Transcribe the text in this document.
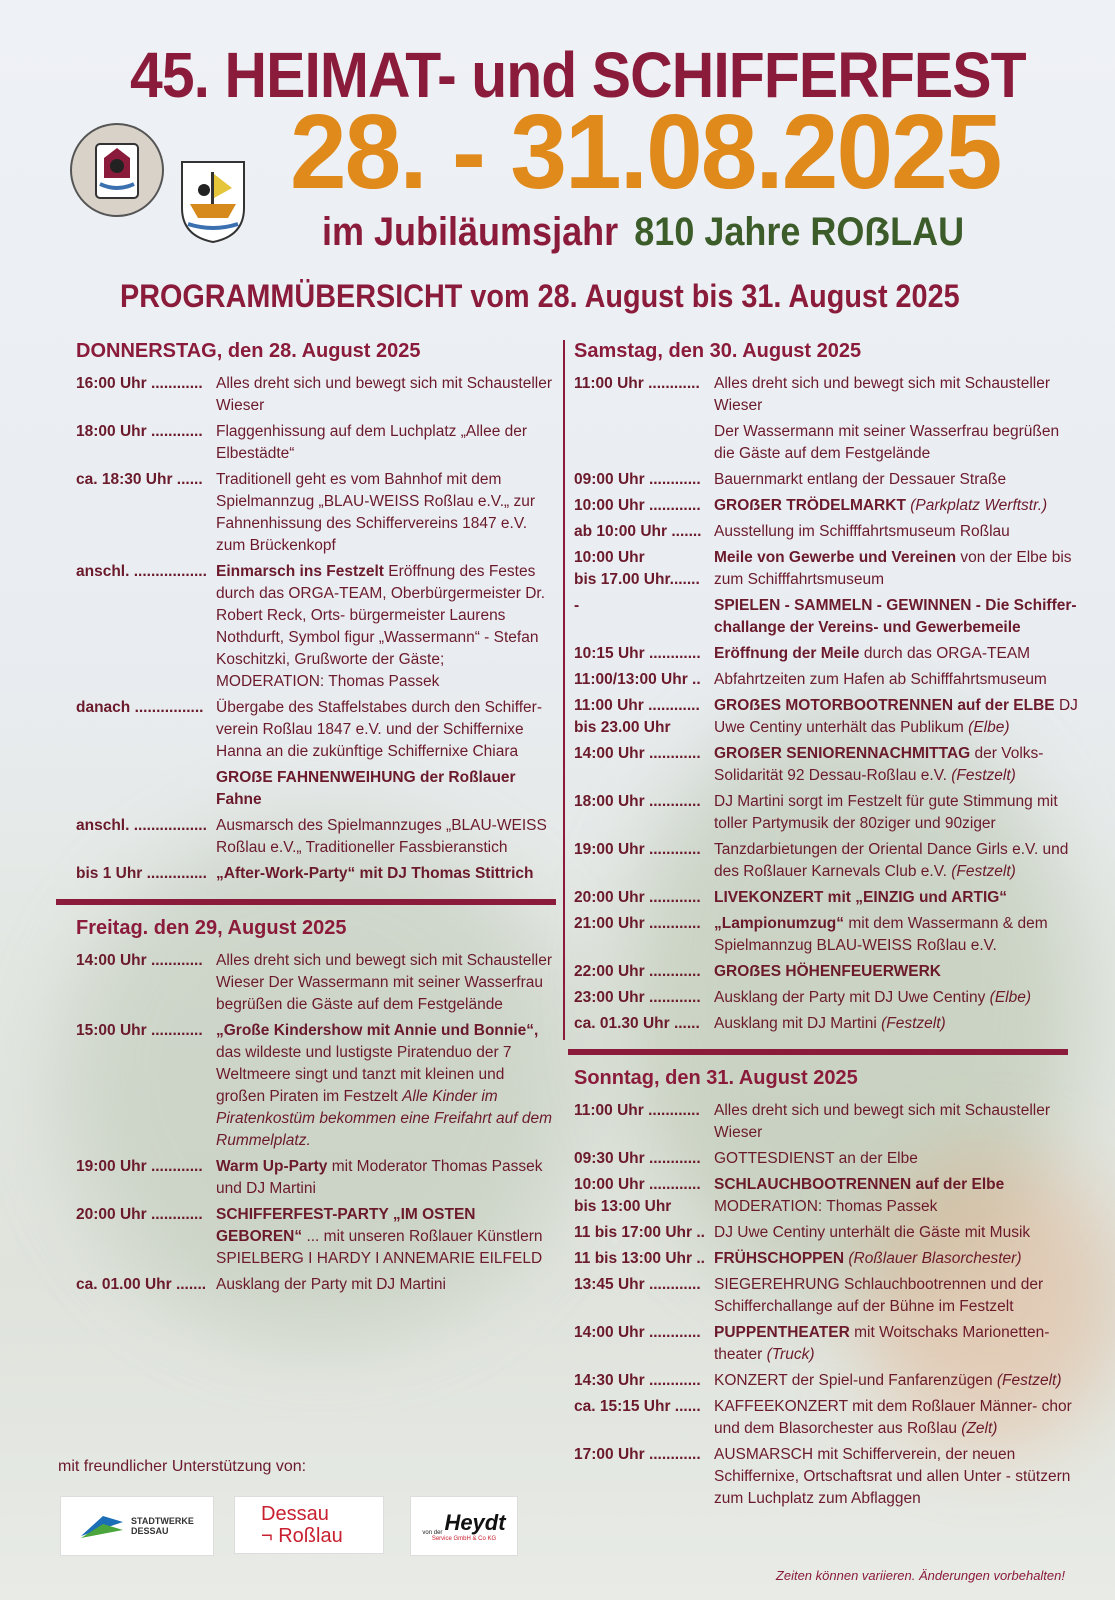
45. HEIMAT- und SCHIFFERFEST
28. - 31.08.2025
im Jubiläumsjahr 810 Jahre ROẞLAU
PROGRAMMÜBERSICHT vom 28. August bis 31. August 2025
DONNERSTAG, den 28. August 2025
16:00 Uhr ............ Alles dreht sich und bewegt sich mit Schausteller Wieser
18:00 Uhr ............ Flaggenhissung auf dem Luchplatz „Allee der Elbestädte“
ca. 18:30 Uhr ...... Traditionell geht es vom Bahnhof mit dem Spielmannzug „BLAU-WEISS Roßlau e.V.„ zur Fahnenhissung des Schiffervereins 1847 e.V. zum Brückenkopf
anschl. ................. Einmarsch ins Festzelt Eröffnung des Festes durch das ORGA-TEAM, Oberbürgermeister Dr. Robert Reck, Orts- bürgermeister Laurens Nothdurft, Symbol figur „Wassermann“ - Stefan Koschitzki, Grußworte der Gäste; MODERATION: Thomas Passek
danach ................ Übergabe des Staffelstabes durch den Schiffer- verein Roßlau 1847 e.V. und der Schiffernixe Hanna an die zukünftige Schiffernixe Chiara
GROẞE FAHNENWEIHUNG der Roßlauer Fahne
anschl. ................. Ausmarsch des Spielmannzuges „BLAU-WEISS Roßlau e.V.„ Traditioneller Fassbieranstich
bis 1 Uhr .............. „After-Work-Party“ mit DJ Thomas Stittrich
Freitag. den 29, August 2025
14:00 Uhr ............ Alles dreht sich und bewegt sich mit Schausteller Wieser Der Wassermann mit seiner Wasserfrau begrüßen die Gäste auf dem Festgelände
15:00 Uhr ............ „Große Kindershow mit Annie und Bonnie“, das wildeste und lustigste Piratenduo der 7 Weltmeere singt und tanzt mit kleinen und großen Piraten im Festzelt Alle Kinder im Piratenkostüm bekommen eine Freifahrt auf dem Rummelplatz.
19:00 Uhr ............ Warm Up-Party mit Moderator Thomas Passek und DJ Martini
20:00 Uhr ............ SCHIFFERFEST-PARTY „IM OSTEN GEBOREN“ ... mit unseren Roßlauer Künstlern SPIELBERG I HARDY I ANNEMARIE EILFELD
ca. 01.00 Uhr ....... Ausklang der Party mit DJ Martini
Samstag, den 30. August 2025
11:00 Uhr ............ Alles dreht sich und bewegt sich mit Schausteller Wieser
Der Wassermann mit seiner Wasserfrau begrüßen die Gäste auf dem Festgelände
09:00 Uhr ............ Bauernmarkt entlang der Dessauer Straße
10:00 Uhr ............ GROẞER TRÖDELMARKT (Parkplatz Werftstr.)
ab 10:00 Uhr ....... Ausstellung im Schifffahrtsmuseum Roßlau
10:00 Uhr
bis 17.00 Uhr.......
Meile von Gewerbe und Vereinen von der Elbe bis zum Schifffahrtsmuseum
-	SPIELEN - SAMMELN - GEWINNEN - Die Schiffer- challange der Vereins- und Gewerbemeile
10:15 Uhr ............ Eröffnung der Meile durch das ORGA-TEAM
11:00/13:00 Uhr .. Abfahrtzeiten zum Hafen ab Schifffahrtsmuseum
11:00 Uhr ............
bis 23.00 Uhr
GROẞES MOTORBOOTRENNEN auf der ELBE DJ Uwe Centiny unterhält das Publikum (Elbe)
14:00 Uhr ............ GROẞER SENIORENNACHMITTAG der Volks- Solidarität 92 Dessau-Roßlau e.V. (Festzelt)
18:00 Uhr ............ DJ Martini sorgt im Festzelt für gute Stimmung mit toller Partymusik der 80ziger und 90ziger
19:00 Uhr ............ Tanzdarbietungen der Oriental Dance Girls e.V. und des Roßlauer Karnevals Club e.V. (Festzelt)
20:00 Uhr ............ LIVEKONZERT mit „EINZIG und ARTIG“
21:00 Uhr ............ „Lampionumzug“ mit dem Wassermann & dem Spielmannzug BLAU-WEISS Roßlau e.V.
22:00 Uhr ............ GROẞES HÖHENFEUERWERK
23:00 Uhr ............ Ausklang der Party mit DJ Uwe Centiny (Elbe)
ca. 01.30 Uhr ...... Ausklang mit DJ Martini (Festzelt)
Sonntag, den 31. August 2025
11:00 Uhr ............ Alles dreht sich und bewegt sich mit Schausteller Wieser
09:30 Uhr ............ GOTTESDIENST an der Elbe
10:00 Uhr ............
bis 13:00 Uhr
SCHLAUCHBOOTRENNEN auf der Elbe MODERATION: Thomas Passek
11 bis 17:00 Uhr .. DJ Uwe Centiny unterhält die Gäste mit Musik
11 bis 13:00 Uhr .. FRÜHSCHOPPEN (Roßlauer Blasorchester)
13:45 Uhr ............ SIEGEREHRUNG Schlauchbootrennen und der Schifferchallange auf der Bühne im Festzelt
14:00 Uhr ............ PUPPENTHEATER mit Woitschaks Marionetten- theater (Truck)
14:30 Uhr ............ KONZERT der Spiel-und Fanfarenzügen (Festzelt)
ca. 15:15 Uhr ...... KAFFEEKONZERT mit dem Roßlauer Männer- chor und dem Blasorchester aus Roßlau (Zelt)
17:00 Uhr ............ AUSMARSCH mit Schifferverein, der neuen Schiffernixe, Ortschaftsrat und allen Unter - stützern zum Luchplatz zum Abflaggen
mit freundlicher Unterstützung von:
STADTWERKE DESSAU
Dessau
¬ Roßlau	von der Heydt
Service GmbH & Co KG
Zeiten können variieren. Änderungen vorbehalten!
